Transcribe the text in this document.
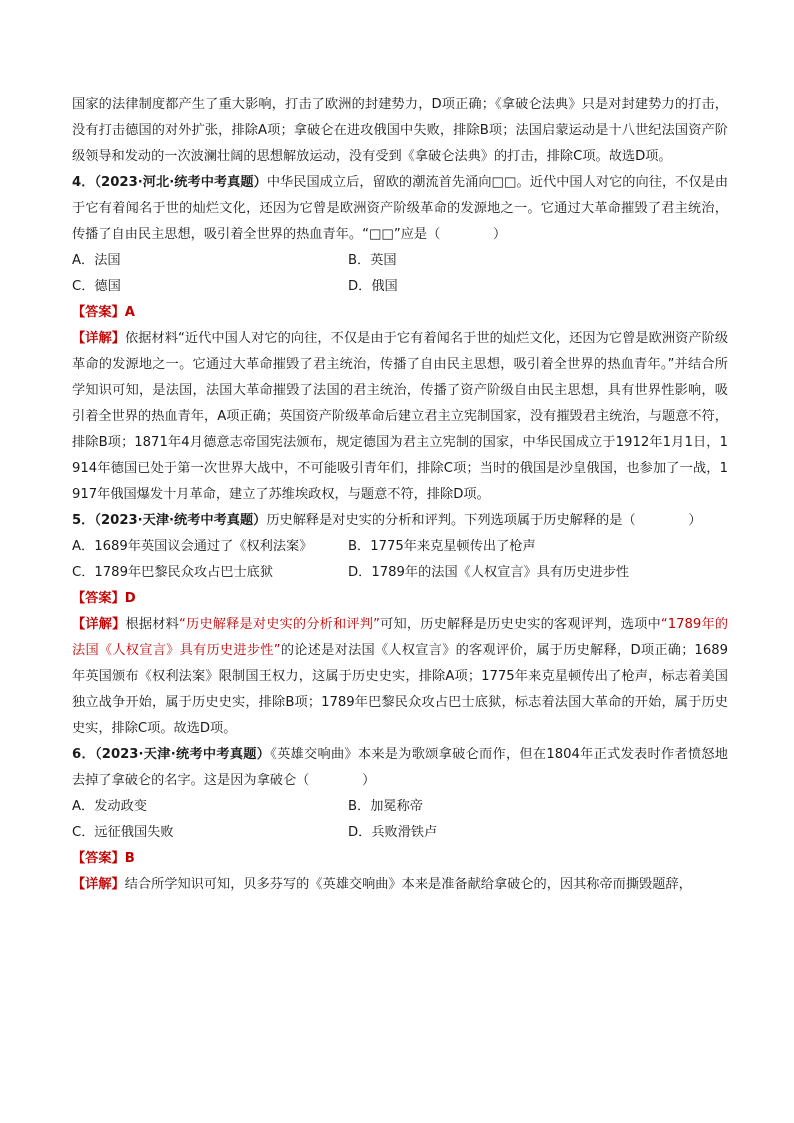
国家的法律制度都产生了重大影响，打击了欧洲的封建势力，D项正确；《拿破仑法典》只是对封建势力的打击，没有打击德国的对外扩张，排除A项；拿破仑在进攻俄国中失败，排除B项；法国启蒙运动是十八世纪法国资产阶级领导和发动的一次波澜壮阔的思想解放运动，没有受到《拿破仑法典》的打击，排除C项。故选D项。

4．（2023·河北·统考中考真题）中华民国成立后，留欧的潮流首先涌向□□。近代中国人对它的向往，不仅是由于它有着闻名于世的灿烂文化，还因为它曾是欧洲资产阶级革命的发源地之一。它通过大革命摧毁了君主统治，传播了自由民主思想，吸引着全世界的热血青年。“□□”应是（　　　　）

A．法国	B．英国
C．德国	D．俄国

【答案】A

【详解】依据材料“近代中国人对它的向往，不仅是由于它有着闻名于世的灿烂文化，还因为它曾是欧洲资产阶级革命的发源地之一。它通过大革命摧毁了君主统治，传播了自由民主思想，吸引着全世界的热血青年。”并结合所学知识可知，是法国，法国大革命摧毁了法国的君主统治，传播了资产阶级自由民主思想，具有世界性影响，吸引着全世界的热血青年，A项正确；英国资产阶级革命后建立君主立宪制国家，没有摧毁君主统治，与题意不符，排除B项；1871年4月德意志帝国宪法颁布，规定德国为君主立宪制的国家，中华民国成立于1912年1月1日，1914年德国已处于第一次世界大战中，不可能吸引青年们，排除C项；当时的俄国是沙皇俄国，也参加了一战，1917年俄国爆发十月革命，建立了苏维埃政权，与题意不符，排除D项。

5．（2023·天津·统考中考真题）历史解释是对史实的分析和评判。下列选项属于历史解释的是（　　　　）

A．1689年英国议会通过了《权利法案》	B．1775年来克星顿传出了枪声
C．1789年巴黎民众攻占巴士底狱	D．1789年的法国《人权宣言》具有历史进步性

【答案】D

【详解】根据材料“历史解释是对史实的分析和评判”可知，历史解释是历史史实的客观评判，选项中“1789年的法国《人权宣言》具有历史进步性”的论述是对法国《人权宣言》的客观评价，属于历史解释，D项正确；1689年英国颁布《权利法案》限制国王权力，这属于历史史实，排除A项；1775年来克星顿传出了枪声，标志着美国独立战争开始，属于历史史实，排除B项；1789年巴黎民众攻占巴士底狱，标志着法国大革命的开始，属于历史史实，排除C项。故选D项。

6．（2023·天津·统考中考真题）《英雄交响曲》本来是为歌颂拿破仑而作，但在1804年正式发表时作者愤怒地去掉了拿破仑的名字。这是因为拿破仑（　　　　）

A．发动政变	B．加冕称帝
C．远征俄国失败	D．兵败滑铁卢

【答案】B

【详解】结合所学知识可知，贝多芬写的《英雄交响曲》本来是准备献给拿破仑的，因其称帝而撕毁题辞，
